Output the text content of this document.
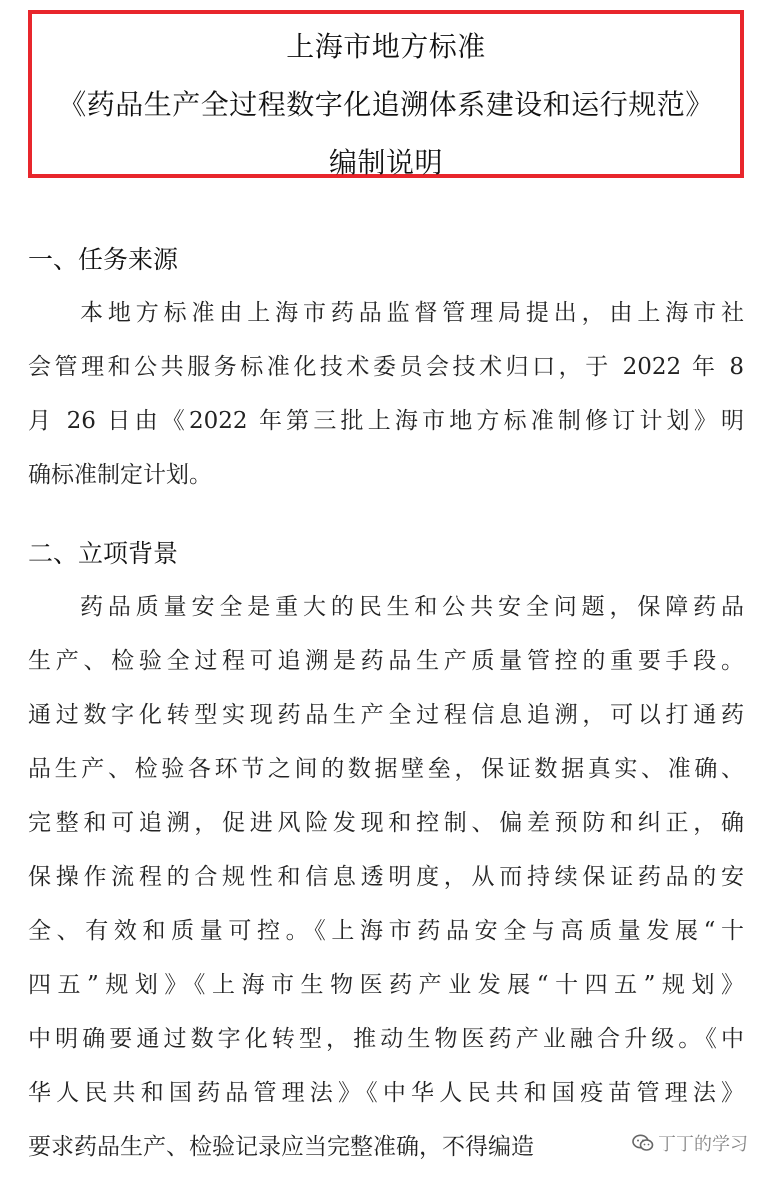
上海市地方标准
《药品生产全过程数字化追溯体系建设和运行规范》
编制说明
一、任务来源
本地方标准由上海市药品监督管理局提出，由上海市社
会管理和公共服务标准化技术委员会技术归口，于 2022 年 8
月 26 日由《2022 年第三批上海市地方标准制修订计划》明
确标准制定计划。
二、立项背景
药品质量安全是重大的民生和公共安全问题，保障药品
生产、检验全过程可追溯是药品生产质量管控的重要手段。
通过数字化转型实现药品生产全过程信息追溯，可以打通药
品生产、检验各环节之间的数据壁垒，保证数据真实、准确、
完整和可追溯，促进风险发现和控制、偏差预防和纠正，确
保操作流程的合规性和信息透明度，从而持续保证药品的安
全、有效和质量可控。《上海市药品安全与高质量发展“十
四五”规划》《上海市生物医药产业发展“十四五”规划》
中明确要通过数字化转型，推动生物医药产业融合升级。《中
华人民共和国药品管理法》《中华人民共和国疫苗管理法》
要求药品生产、检验记录应当完整准确，不得编造	丁丁的学习
